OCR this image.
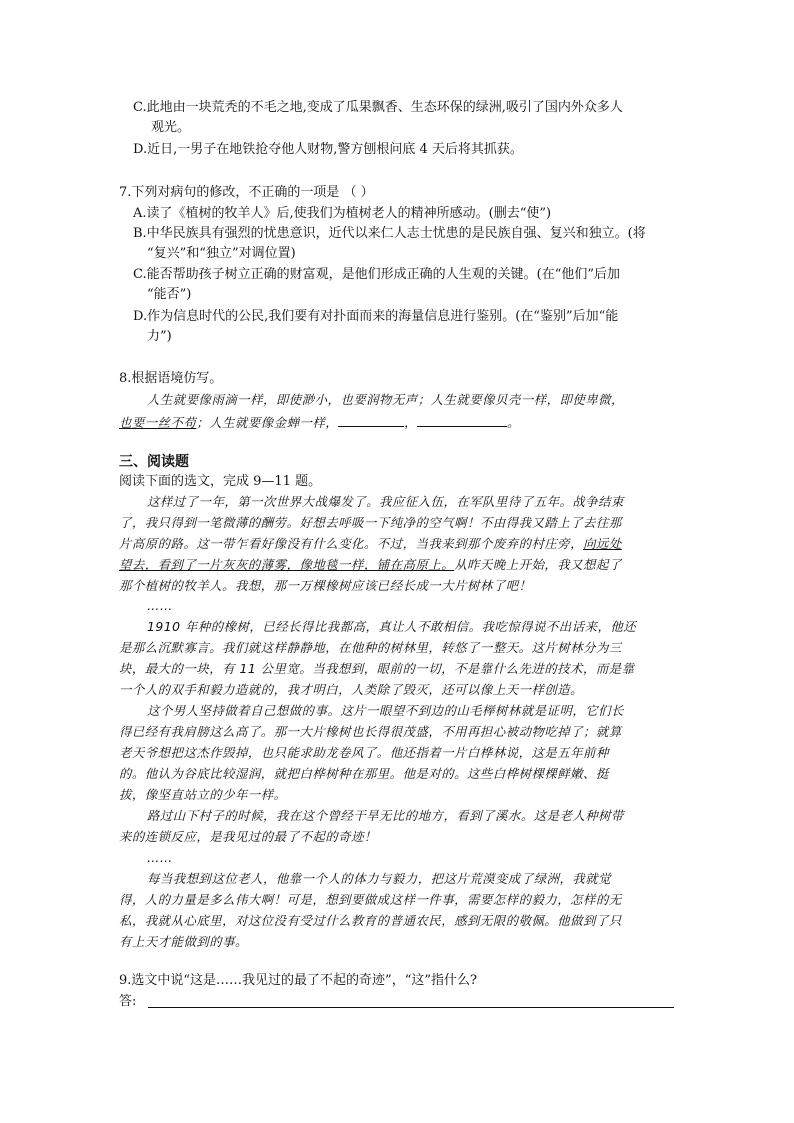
C.此地由一块荒秃的不毛之地,变成了瓜果飘香、生态环保的绿洲,吸引了国内外众多人
观光。
D.近日,一男子在地铁抢夺他人财物,警方刨根问底 4 天后将其抓获。
7.下列对病句的修改，不正确的一项是 （ ）
A.读了《植树的牧羊人》后,使我们为植树老人的精神所感动。(删去“使”)
B.中华民族具有强烈的忧患意识，近代以来仁人志士忧患的是民族自强、复兴和独立。(将
“复兴”和“独立”对调位置)
C.能否帮助孩子树立正确的财富观，是他们形成正确的人生观的关键。(在“他们”后加
“能否”)
D.作为信息时代的公民,我们要有对扑面而来的海量信息进行鉴别。(在“鉴别”后加“能
力”)
8.根据语境仿写。
人生就要像雨滴一样，即使渺小，也要润物无声；人生就要像贝壳一样，即使卑微，
也要一丝不苟；人生就要像金蝉一样，	，	。
三、阅读题
阅读下面的选文，完成 9—11 题。
这样过了一年，第一次世界大战爆发了。我应征入伍，在军队里待了五年。战争结束
了，我只得到一笔微薄的酬劳。好想去呼吸一下纯净的空气啊！不由得我又踏上了去往那
片高原的路。这一带乍看好像没有什么变化。不过，当我来到那个废弃的村庄旁，向远处
望去，看到了一片灰灰的薄雾，像地毯一样，铺在高原上。从昨天晚上开始，我又想起了
那个植树的牧羊人。我想，那一万棵橡树应该已经长成一大片树林了吧！
……
1910 年种的橡树，已经长得比我都高，真让人不敢相信。我吃惊得说不出话来，他还
是那么沉默寡言。我们就这样静静地，在他种的树林里，转悠了一整天。这片树林分为三
块，最大的一块，有 11 公里宽。当我想到，眼前的一切，不是靠什么先进的技术，而是靠
一个人的双手和毅力造就的，我才明白，人类除了毁灭，还可以像上天一样创造。
这个男人坚持做着自己想做的事。这片一眼望不到边的山毛榉树林就是证明，它们长
得已经有我肩膀这么高了。那一大片橡树也长得很茂盛，不用再担心被动物吃掉了；就算
老天爷想把这杰作毁掉，也只能求助龙卷风了。他还指着一片白桦林说，这是五年前种
的。他认为谷底比较湿润，就把白桦树种在那里。他是对的。这些白桦树棵棵鲜嫩、挺
拔，像坚直站立的少年一样。
路过山下村子的时候，我在这个曾经干旱无比的地方，看到了溪水。这是老人种树带
来的连锁反应，是我见过的最了不起的奇迹！
……
每当我想到这位老人，他靠一个人的体力与毅力，把这片荒漠变成了绿洲，我就觉
得，人的力量是多么伟大啊！可是，想到要做成这样一件事，需要怎样的毅力，怎样的无
私，我就从心底里，对这位没有受过什么教育的普通农民，感到无限的敬佩。他做到了只
有上天才能做到的事。
9.选文中说“这是……我见过的最了不起的奇迹”，“这”指什么?
答:
